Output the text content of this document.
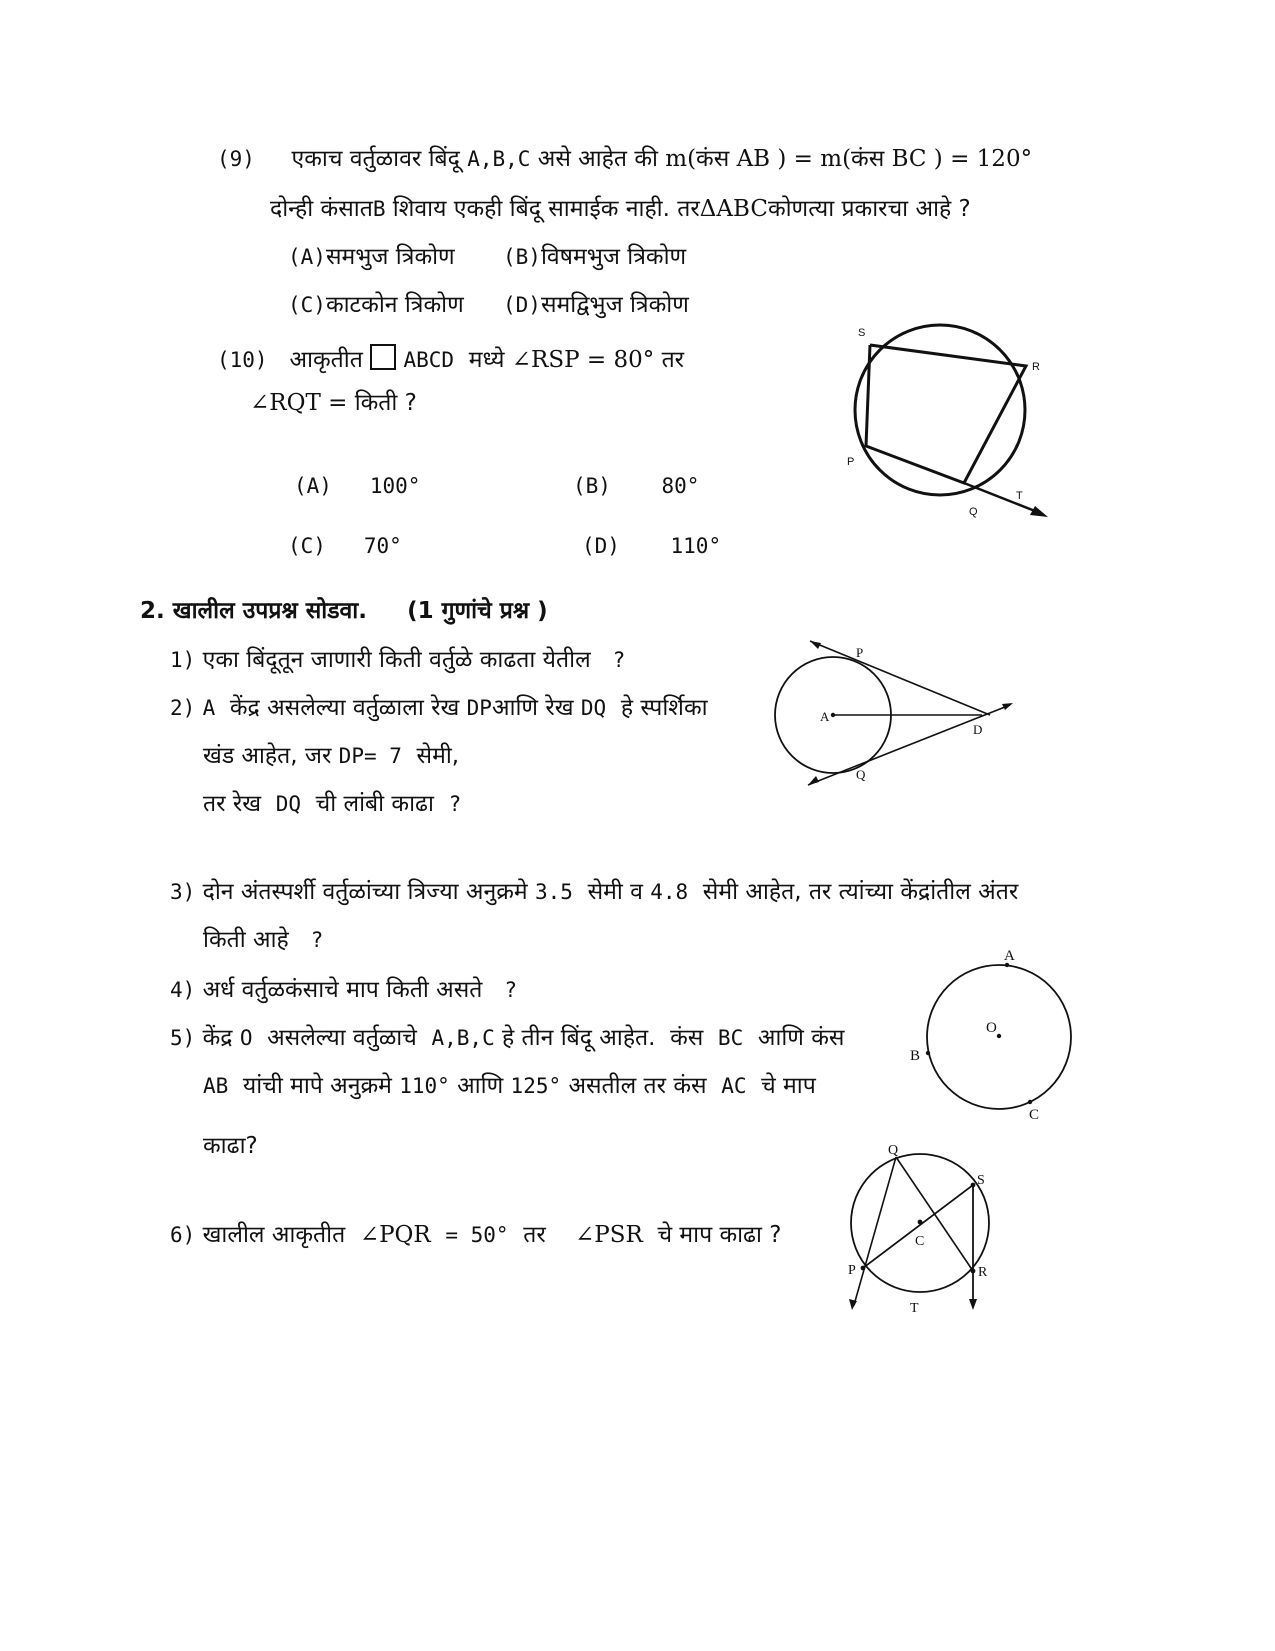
(9) एकाच वर्तुळावर बिंदू A,B,C असे आहेत की m(कंस AB ) = m(कंस BC ) = 120°
दोन्ही कंसातB शिवाय एकही बिंदू सामाईक नाही. तरΔABCकोणत्या प्रकारचा आहे ?
(A)समभुज त्रिकोण (B)विषमभुज त्रिकोण
(C)काटकोन त्रिकोण (D)समद्विभुज त्रिकोण
(10) आकृतीत ABCD मध्ये ∠RSP = 80° तर
∠RQT = किती ?
(A) 100°	(B) 80°
(C) 70°	(D) 110°
S
R
P
Q
T
2. खालील उपप्रश्न सोडवा. (1 गुणांचे प्रश्न )
1) एका बिंदूतून जाणारी किती वर्तुळे काढता येतील ?
2) A केंद्र असलेल्या वर्तुळाला रेख DPआणि रेख DQ हे स्पर्शिका
खंड आहेत, जर DP= 7 सेमी,
तर रेख DQ ची लांबी काढा ?
P
A
D
Q
3) दोन अंतस्पर्शी वर्तुळांच्या त्रिज्या अनुक्रमे 3.5 सेमी व 4.8 सेमी आहेत, तर त्यांच्या केंद्रांतील अंतर
किती आहे ?
4) अर्ध वर्तुळकंसाचे माप किती असते ?
5) केंद्र O असलेल्या वर्तुळाचे A,B,C हे तीन बिंदू आहेत. कंस BC आणि कंस
AB यांची मापे अनुक्रमे 110° आणि 125° असतील तर कंस AC चे माप
काढा?
A
O
B
C
6) खालील आकृतीत ∠PQR = 50° तर ∠PSR चे माप काढा ?
Q
S
C
P	R
T
